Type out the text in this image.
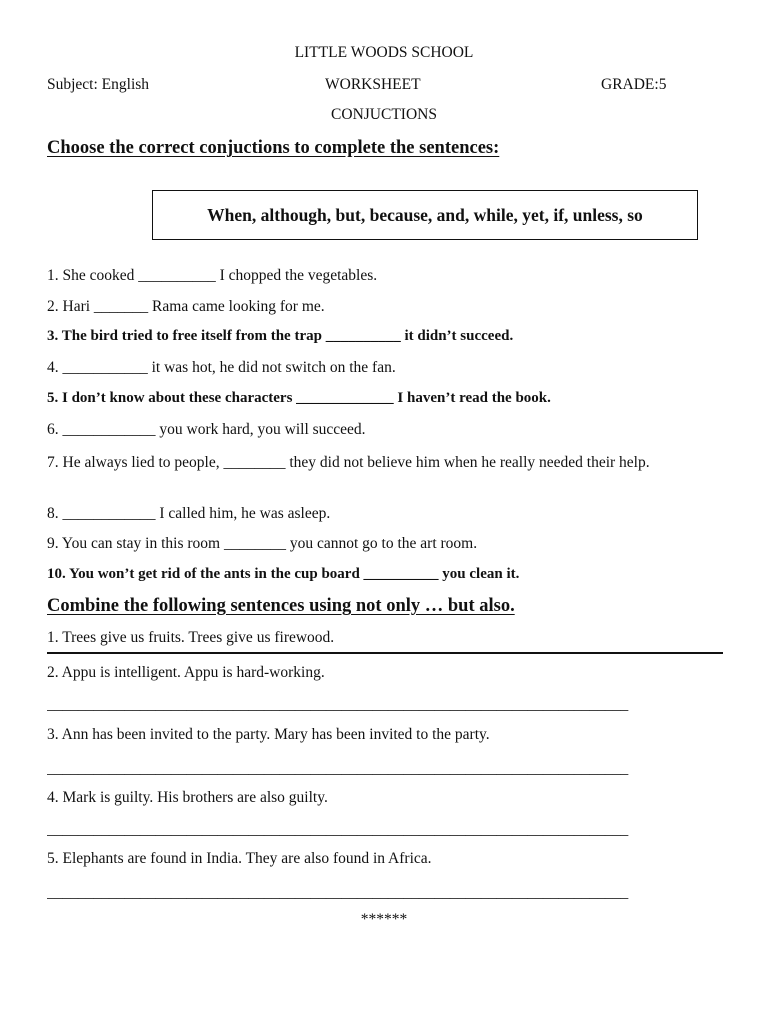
LITTLE WOODS SCHOOL
Subject: English	WORKSHEET	GRADE:5
CONJUCTIONS
Choose the correct conjuctions to complete the sentences:
When, although, but, because, and, while, yet, if, unless, so
1. She cooked __________ I chopped the vegetables.
2. Hari _______ Rama came looking for me.
3. The bird tried to free itself from the trap __________ it didn’t succeed.
4. ___________ it was hot, he did not switch on the fan.
5. I don’t know about these characters _____________ I haven’t read the book.
6. ____________ you work hard, you will succeed.
7. He always lied to people, ________ they did not believe him when he really needed their help.
8. ____________ I called him, he was asleep.
9. You can stay in this room ________ you cannot go to the art room.
10. You won’t get rid of the ants in the cup board __________ you clean it.
Combine the following sentences using not only … but also.
1. Trees give us fruits. Trees give us firewood.
2. Appu is intelligent. Appu is hard-working.
___________________________________________________________________________
3. Ann has been invited to the party. Mary has been invited to the party.
___________________________________________________________________________
4. Mark is guilty. His brothers are also guilty.
___________________________________________________________________________
5. Elephants are found in India. They are also found in Africa.
___________________________________________________________________________
******
